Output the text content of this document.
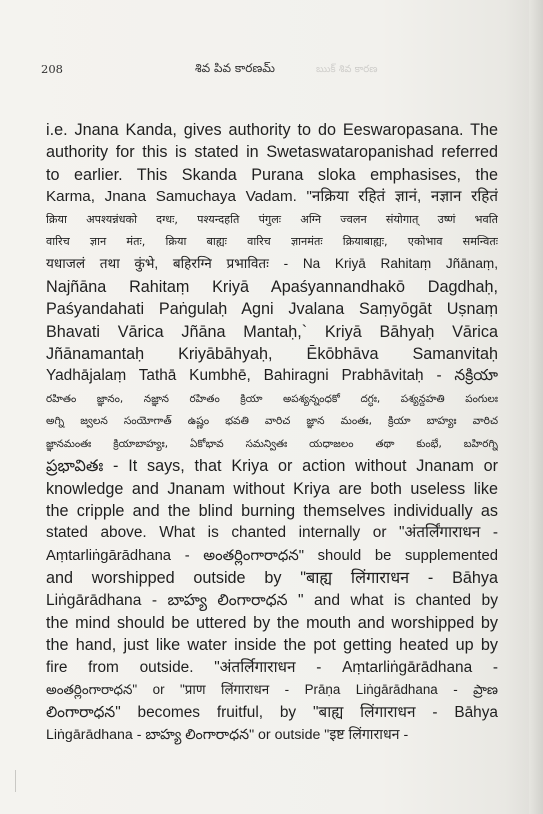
208	శివ పివ కారణమ్	ఋక్ శివ కారణ
i.e. Jnana Kanda, gives authority to do Eeswaropasana. The
authority for this is stated in Swetaswataropanishad referred
to earlier. This Skanda Purana sloka emphasises, the
Karma, Jnana Samuchaya Vadam. "नक्रिया रहितं ज्ञानं, नज्ञान रहितं
क्रिया अपश्यन्नंधको दग्धः, पश्यन्दहति पंगुलः अग्नि ज्वलन संयोगात् उष्णं भवति
वारिच ज्ञान मंतः, क्रिया बाह्यः वारिच ज्ञानमंतः क्रियाबाह्यः, एकोभाव समन्वितः
यधाजलं तथा कुंभे, बहिरग्नि प्रभावितः - Na Kriyā Rahitaṃ Jñānaṃ,
Najñāna Rahitaṃ Kriyā Apaśyannandhakō Dagdhaḥ,
Paśyandahati Paṅgulaḥ Agni Jvalana Saṃyōgāt Uṣnaṃ
Bhavati Vārica Jñāna Mantaḥ,` Kriyā Bāhyaḥ Vārica
Jñānamantaḥ Kriyābāhyaḥ, Ēkōbhāva Samanvitaḥ
Yadhājalaṃ Tathā Kumbhē, Bahiragni Prabhāvitaḥ - నక్రియా
రహితం జ్ఞానం, నజ్ఞాన రహితం క్రియా అపశ్యన్నంధకో దగ్ధః, పశ్యన్దహతి పంగులః
అగ్ని జ్వలన సంయోగాత్ ఉష్ణం భవతి వారిచ జ్ఞాన మంతః, క్రియా బాహ్యః వారిచ
జ్ఞానమంతః క్రియాబాహ్యః, ఏకోభావ సమన్వితః యధాజలం తథా కుంభే, బహిరగ్ని
ప్రభావితః - It says, that Kriya or action without Jnanam or
knowledge and Jnanam without Kriya are both useless like
the cripple and the blind burning themselves individually as
stated above. What is chanted internally or "अंतर्लिंगाराधन -
Aṃtarliṅgārādhana - అంతర్లింగారాధన" should be supplemented
and worshipped outside by "बाह्य लिंगाराधन - Bāhya
Liṅgārādhana - బాహ్య లింగారాధన " and what is chanted by
the mind should be uttered by the mouth and worshipped by
the hand, just like water inside the pot getting heated up by
fire from outside. "अंतर्लिगाराधन - Aṃtarliṅgārādhana -
అంతర్లింగారాధన" or "प्राण लिंगाराधन - Prāṇa Liṅgārādhana - ప్రాణ
లింగారాధన" becomes fruitful, by "बाह्य लिंगाराधन - Bāhya
Liṅgārādhana - బాహ్య లింగారాధన" or outside "इष्ट लिंगाराधन -
